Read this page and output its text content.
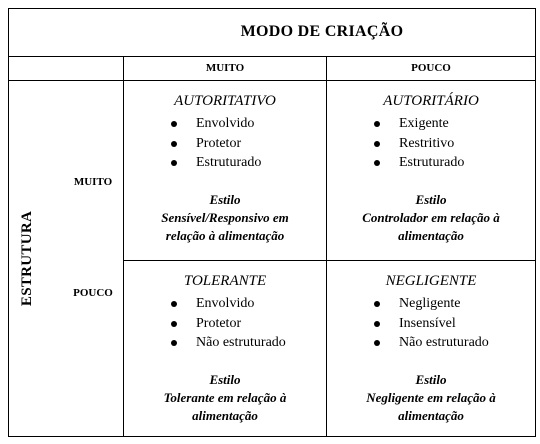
MODO DE CRIAÇÃO
MUITO	POUCO
ESTRUTURA
MUITO
POUCO
AUTORITATIVO
Envolvido
Protetor
Estruturado
Estilo
Sensível/Responsivo em
relação à alimentação
AUTORITÁRIO
Exigente
Restritivo
Estruturado
Estilo
Controlador em relação à
alimentação
TOLERANTE
Envolvido
Protetor
Não estruturado
Estilo
Tolerante em relação à
alimentação
NEGLIGENTE
Negligente
Insensível
Não estruturado
Estilo
Negligente em relação à
alimentação
